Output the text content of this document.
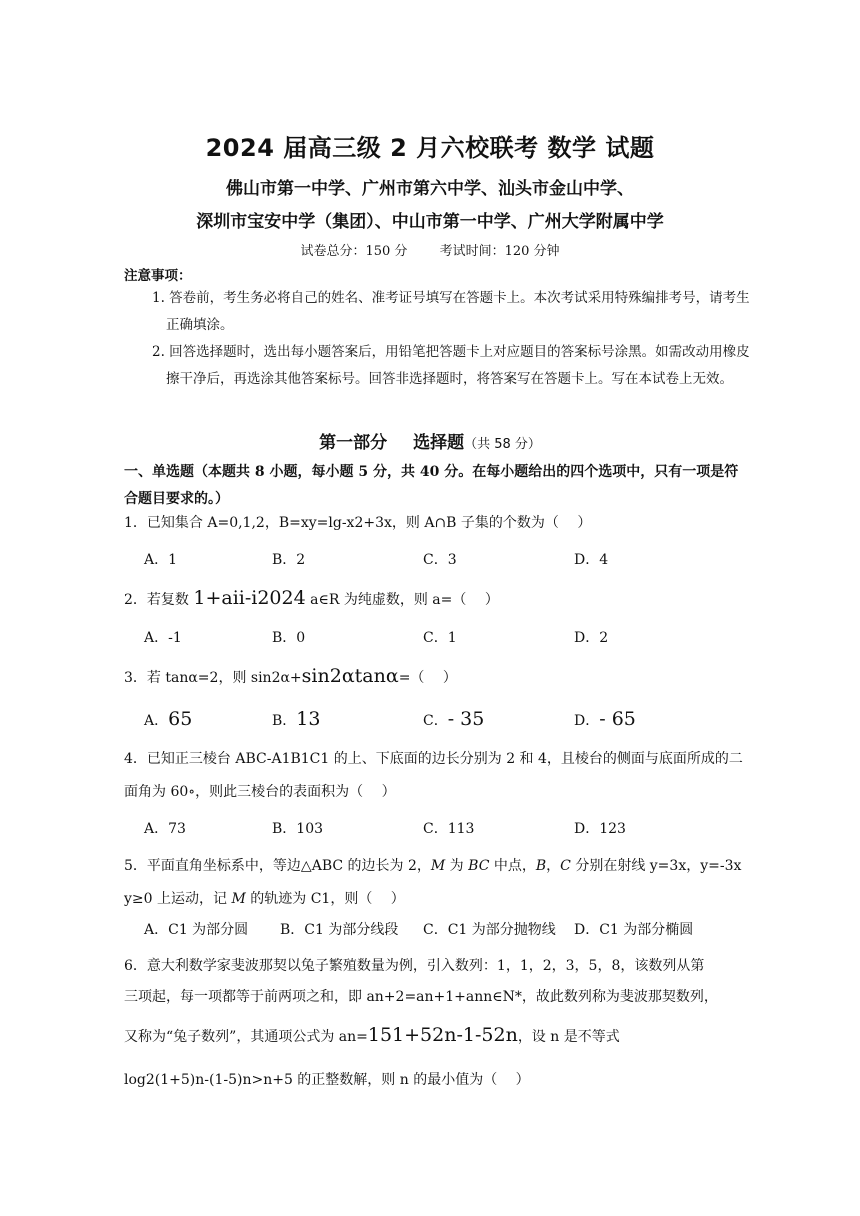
2024 届高三级 2 月六校联考 数学 试题
佛山市第一中学、广州市第六中学、汕头市金山中学、
深圳市宝安中学（集团）、中山市第一中学、广州大学附属中学
试卷总分：150 分 考试时间：120 分钟
注意事项：
1. 答卷前，考生务必将自己的姓名、准考证号填写在答题卡上。本次考试采用特殊编排考号，请考生正确填涂。
2. 回答选择题时，选出每小题答案后，用铅笔把答题卡上对应题目的答案标号涂黑。如需改动用橡皮擦干净后，再选涂其他答案标号。回答非选择题时，将答案写在答题卡上。写在本试卷上无效。
第一部分 选择题（共 58 分）
一、单选题（本题共 8 小题，每小题 5 分，共 40 分。在每小题给出的四个选项中，只有一项是符合题目要求的。）
1．已知集合 A=0,1,2，B=xy=lg-x2+3x，则 A∩B 子集的个数为（　 ）
A．1	B．2	C．3	D．4
2．若复数 1+aii-i2024 a∈R 为纯虚数，则 a=（　 ）
A．-1	B．0	C．1	D．2
3．若 tanα=2，则 sin2α+sin2αtanα=（　 ）
A．65	B．13	C．- 35	D．- 65
4．已知正三棱台 ABC-A1B1C1 的上、下底面的边长分别为 2 和 4，且棱台的侧面与底面所成的二面角为 60∘，则此三棱台的表面积为（　 ）
A．73	B．103	C．113	D．123
5．平面直角坐标系中，等边△ABC 的边长为 2，M 为 BC 中点，B，C 分别在射线 y=3x，y=-3x
y≥0 上运动，记 M 的轨迹为 C1，则（　 ）
A．C1 为部分圆 B．C1 为部分线段 C．C1 为部分抛物线 D．C1 为部分椭圆
6．意大利数学家斐波那契以兔子繁殖数量为例，引入数列：1，1，2，3，5，8，该数列从第
三项起，每一项都等于前两项之和，即 an+2=an+1+ann∈N*，故此数列称为斐波那契数列，
又称为“兔子数列”，其通项公式为 an=151+52n-1-52n，设 n 是不等式
log2(1+5)n-(1-5)n>n+5 的正整数解，则 n 的最小值为（　 ）
